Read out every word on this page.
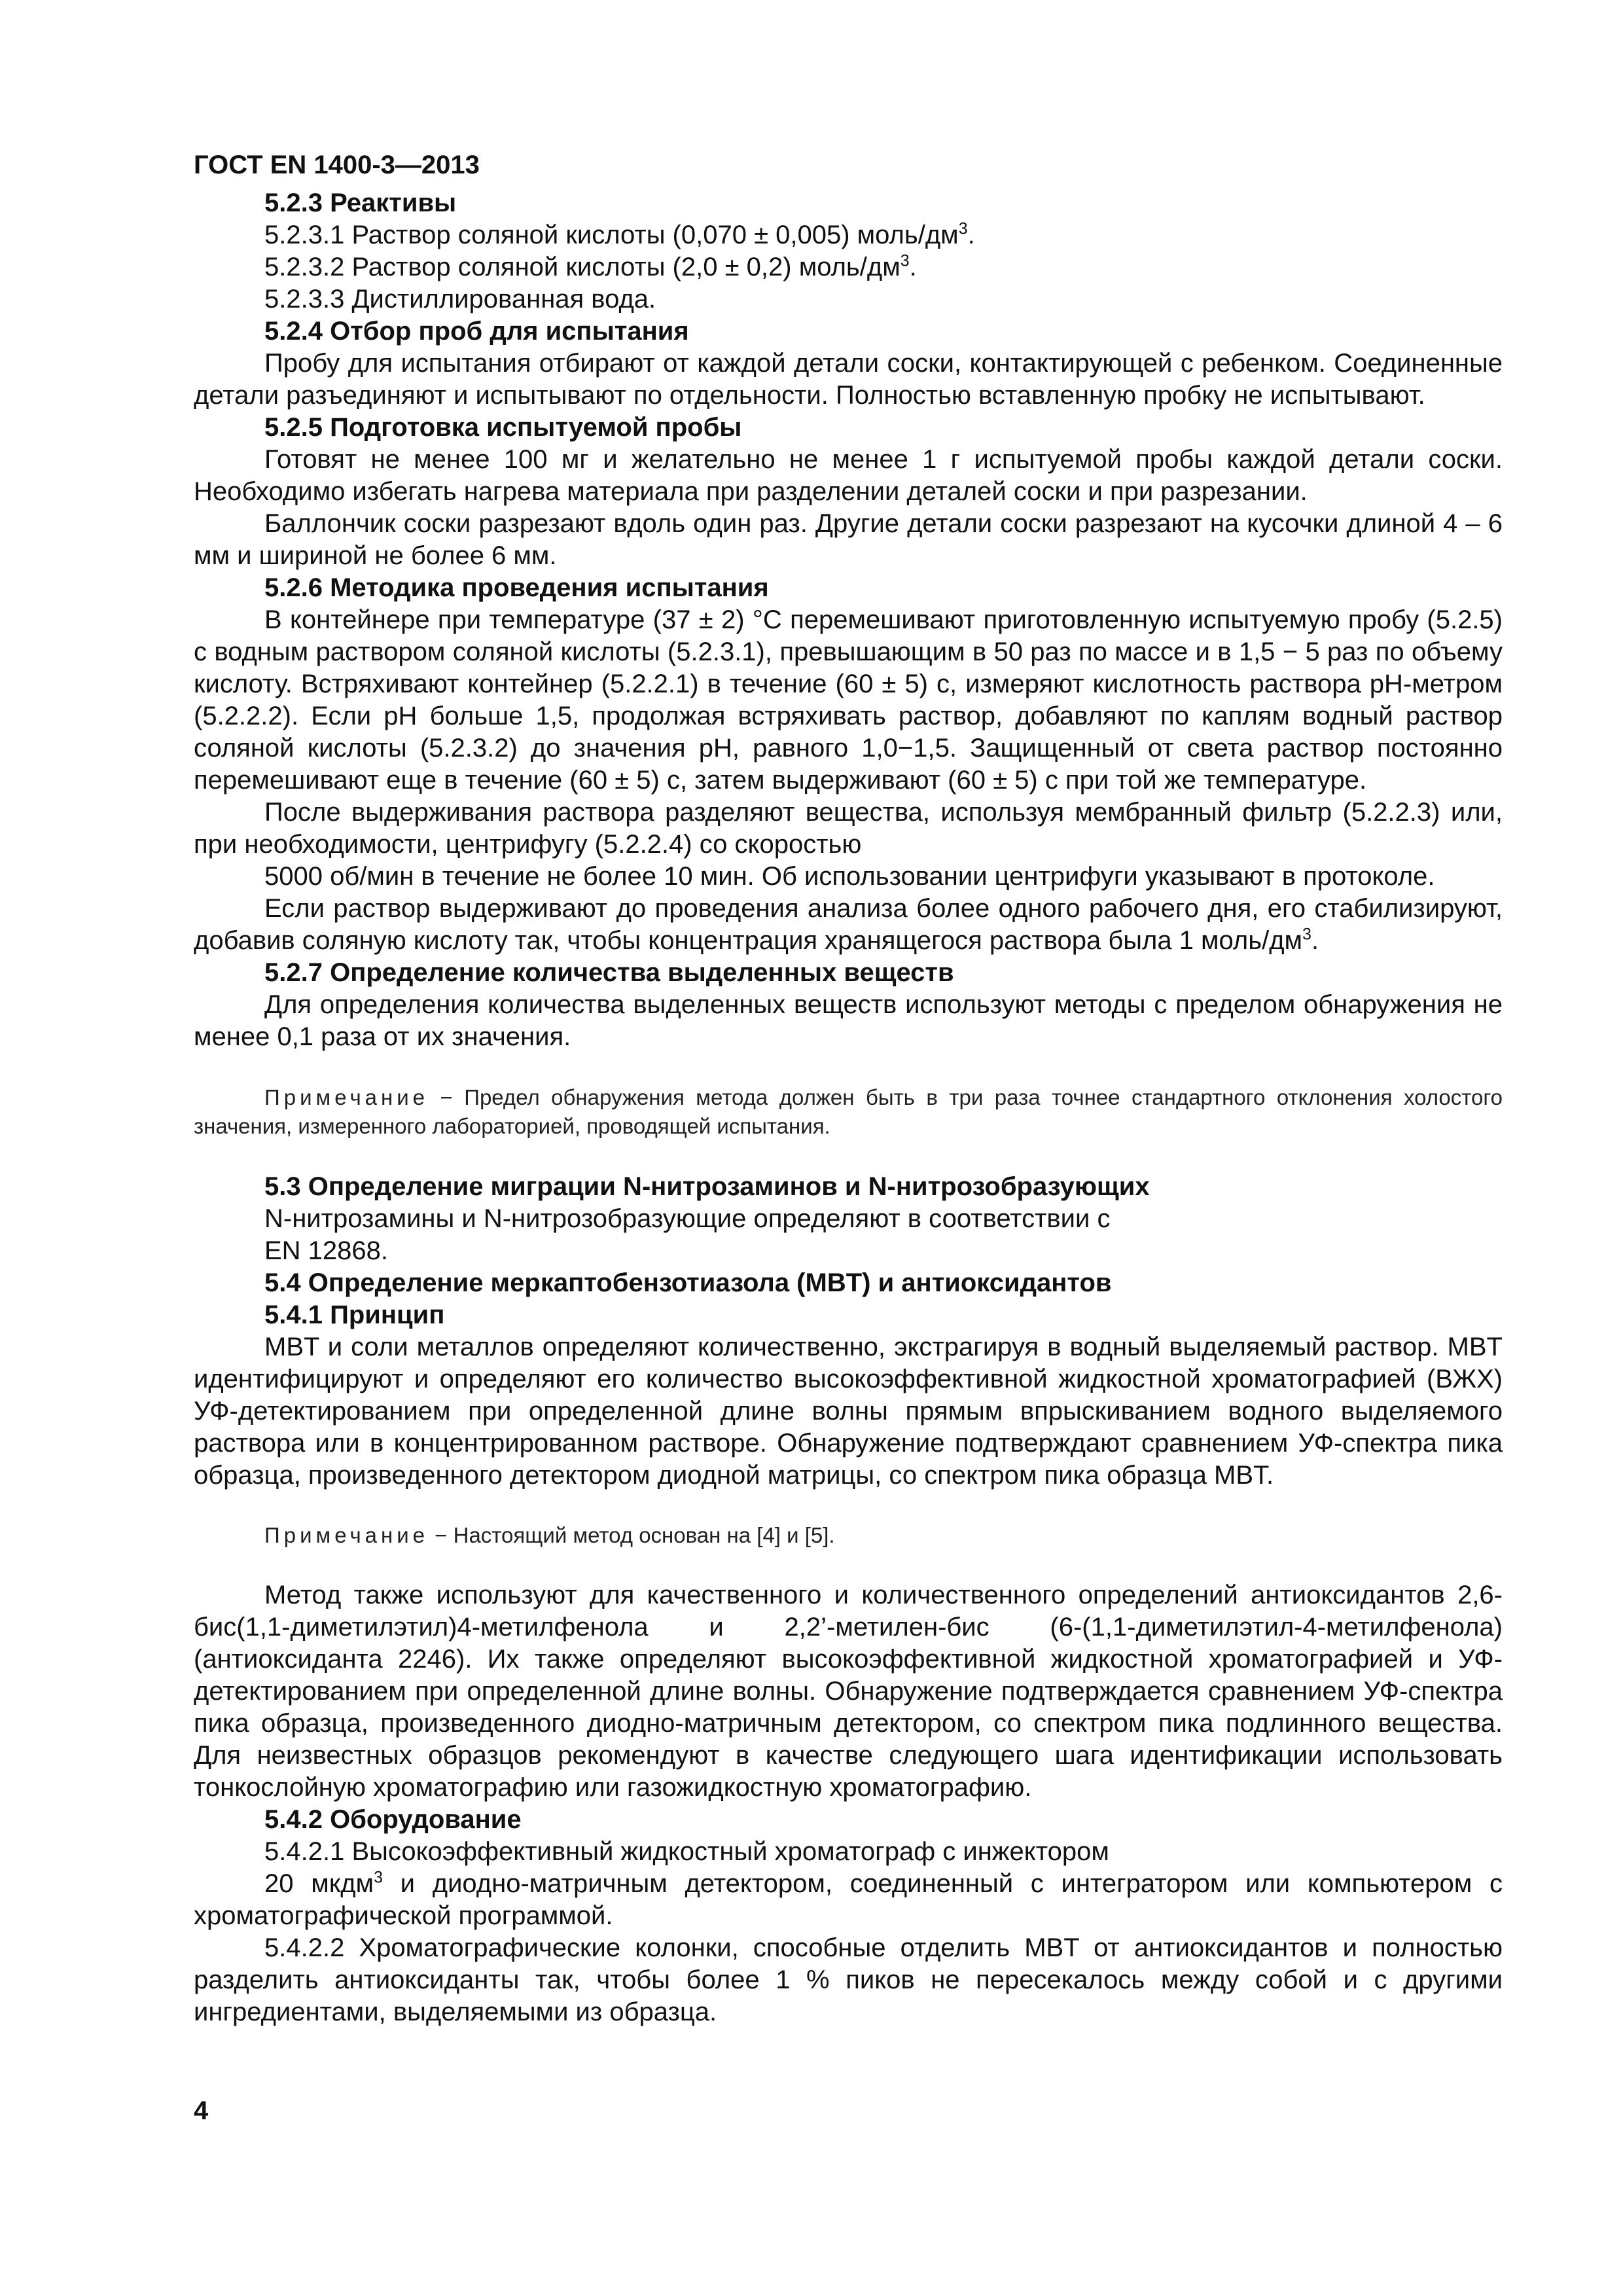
ГОСТ EN 1400-3—2013

5.2.3 Реактивы

5.2.3.1 Раствор соляной кислоты (0,070 ± 0,005) моль/$дм^3$.

5.2.3.2 Раствор соляной кислоты (2,0 ± 0,2) моль/$дм^3$.

5.2.3.3 Дистиллированная вода.

5.2.4 Отбор проб для испытания

Пробу для испытания отбирают от каждой детали соски, контактирующей с ребенком. Соединенные детали разъединяют и испытывают по отдельности. Полностью вставленную пробку не испытывают.

5.2.5 Подготовка испытуемой пробы

Готовят не менее 100 мг и желательно не менее 1 г испытуемой пробы каждой детали соски. Необходимо избегать нагрева материала при разделении деталей соски и при разрезании.

Баллончик соски разрезают вдоль один раз. Другие детали соски разрезают на кусочки длиной 4 – 6 мм и шириной не более 6 мм.

5.2.6 Методика проведения испытания

В контейнере при температуре (37 ± 2) °С перемешивают приготовленную испытуемую пробу (5.2.5) с водным раствором соляной кислоты (5.2.3.1), превышающим в 50 раз по массе и в 1,5 − 5 раз по объему кислоту. Встряхивают контейнер (5.2.2.1) в течение (60 ± 5) с, измеряют кислотность раствора pH-метром (5.2.2.2). Если pH больше 1,5, продолжая встряхивать раствор, добавляют по каплям водный раствор соляной кислоты (5.2.3.2) до значения pH, равного 1,0−1,5. Защищенный от света раствор постоянно перемешивают еще в течение (60 ± 5) с, затем выдерживают (60 ± 5) с при той же температуре.

После выдерживания раствора разделяют вещества, используя мембранный фильтр (5.2.2.3) или, при необходимости, центрифугу (5.2.2.4) со скоростью

5000 об/мин в течение не более 10 мин. Об использовании центрифуги указывают в протоколе.

Если раствор выдерживают до проведения анализа более одного рабочего дня, его стабилизируют, добавив соляную кислоту так, чтобы концентрация хранящегося раствора была 1 моль/$дм^3$.

5.2.7 Определение количества выделенных веществ

Для определения количества выделенных веществ используют методы с пределом обнаружения не менее 0,1 раза от их значения.

Примечание − Предел обнаружения метода должен быть в три раза точнее стандартного отклонения холостого значения, измеренного лабораторией, проводящей испытания.

5.3 Определение миграции N-нитрозаминов и N-нитрозобразующих

N-нитрозамины и N-нитрозобразующие определяют в соответствии с

EN 12868.

5.4 Определение меркаптобензотиазола (MBT) и антиоксидантов

5.4.1 Принцип

MBT и соли металлов определяют количественно, экстрагируя в водный выделяемый раствор. MBT идентифицируют и определяют его количество высокоэффективной жидкостной хроматографией (ВЖХ) УФ-детектированием при определенной длине волны прямым впрыскиванием водного выделяемого раствора или в концентрированном растворе. Обнаружение подтверждают сравнением УФ-спектра пика образца, произведенного детектором диодной матрицы, со спектром пика образца MBT.

Примечание − Настоящий метод основан на [4] и [5].

Метод также используют для качественного и количественного определений антиоксидантов 2,6-бис(1,1-диметилэтил)4-метилфенола и 2,2’-метилен-бис (6-(1,1-диметилэтил-4-метилфенола) (антиоксиданта 2246). Их также определяют высокоэффективной жидкостной хроматографией и УФ-детектированием при определенной длине волны. Обнаружение подтверждается сравнением УФ-спектра пика образца, произведенного диодно-матричным детектором, со спектром пика подлинного вещества. Для неизвестных образцов рекомендуют в качестве следующего шага идентификации использовать тонкослойную хроматографию или газожидкостную хроматографию.

5.4.2 Оборудование

5.4.2.1 Высокоэффективный жидкостный хроматограф с инжектором

20 мкдм$^3$ и диодно-матричным детектором, соединенный с интегратором или компьютером с хроматографической программой.

5.4.2.2 Хроматографические колонки, способные отделить MBT от антиоксидантов и полностью разделить антиоксиданты так, чтобы более 1 % пиков не пересекалось между собой и с другими ингредиентами, выделяемыми из образца.

4
